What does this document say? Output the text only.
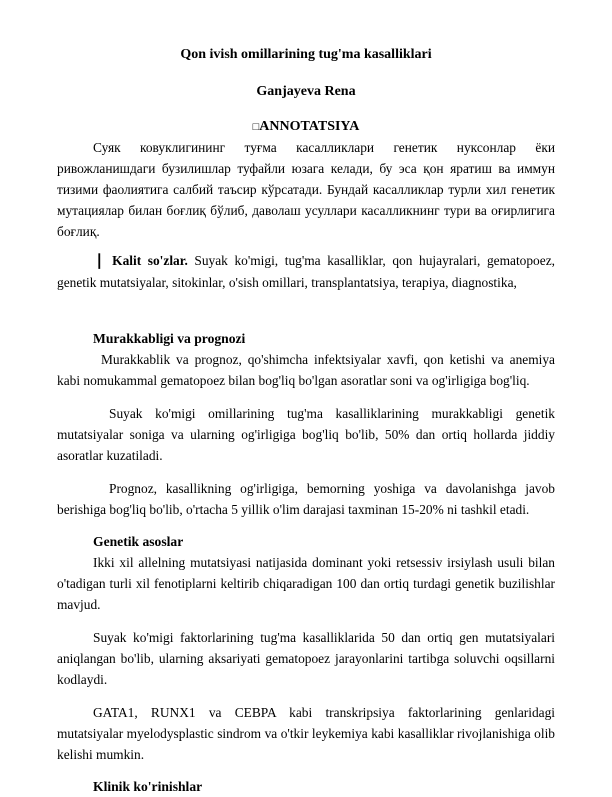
Qon ivish omillarining tug'ma kasalliklari
Ganjayeva Rena
□ANNOTATSIYA

Суяк ковуклигининг туғма касалликлари генетик нуксонлар ёки ривожланишдаги бузилишлар туфайли юзага келади, бу эса қон яратиш ва иммун тизими фаолиятига салбий таъсир кўрсатади. Бундай касалликлар турли хил генетик мутациялар билан боғлиқ бўлиб, даволаш усуллари касалликнинг тури ва оғирлигига боғлиқ.

❘ Kalit so'zlar. Suyak ko'migi, tug'ma kasalliklar, qon hujayralari, gematopoez, genetik mutatsiyalar, sitokinlar, o'sish omillari, transplantatsiya, terapiya, diagnostika,

Murakkabligi va prognozi

Murakkablik va prognoz, qo'shimcha infektsiyalar xavfi, qon ketishi va anemiya kabi nomukammal gematopoez bilan bog'liq bo'lgan asoratlar soni va og'irligiga bog'liq.

Suyak ko'migi omillarining tug'ma kasalliklarining murakkabligi genetik mutatsiyalar soniga va ularning og'irligiga bog'liq bo'lib, 50% dan ortiq hollarda jiddiy asoratlar kuzatiladi.

Prognoz, kasallikning og'irligiga, bemorning yoshiga va davolanishga javob berishiga bog'liq bo'lib, o'rtacha 5 yillik o'lim darajasi taxminan 15-20% ni tashkil etadi.

Genetik asoslar

Ikki xil allelning mutatsiyasi natijasida dominant yoki retsessiv irsiylash usuli bilan o'tadigan turli xil fenotiplarni keltirib chiqaradigan 100 dan ortiq turdagi genetik buzilishlar mavjud.

Suyak ko'migi faktorlarining tug'ma kasalliklarida 50 dan ortiq gen mutatsiyalari aniqlangan bo'lib, ularning aksariyati gematopoez jarayonlarini tartibga soluvchi oqsillarni kodlaydi.

GATA1, RUNX1 va CEBPA kabi transkripsiya faktorlarining genlaridagi mutatsiyalar myelodysplastic sindrom va o'tkir leykemiya kabi kasalliklar rivojlanishiga olib kelishi mumkin.

Klinik ko'rinishlar
